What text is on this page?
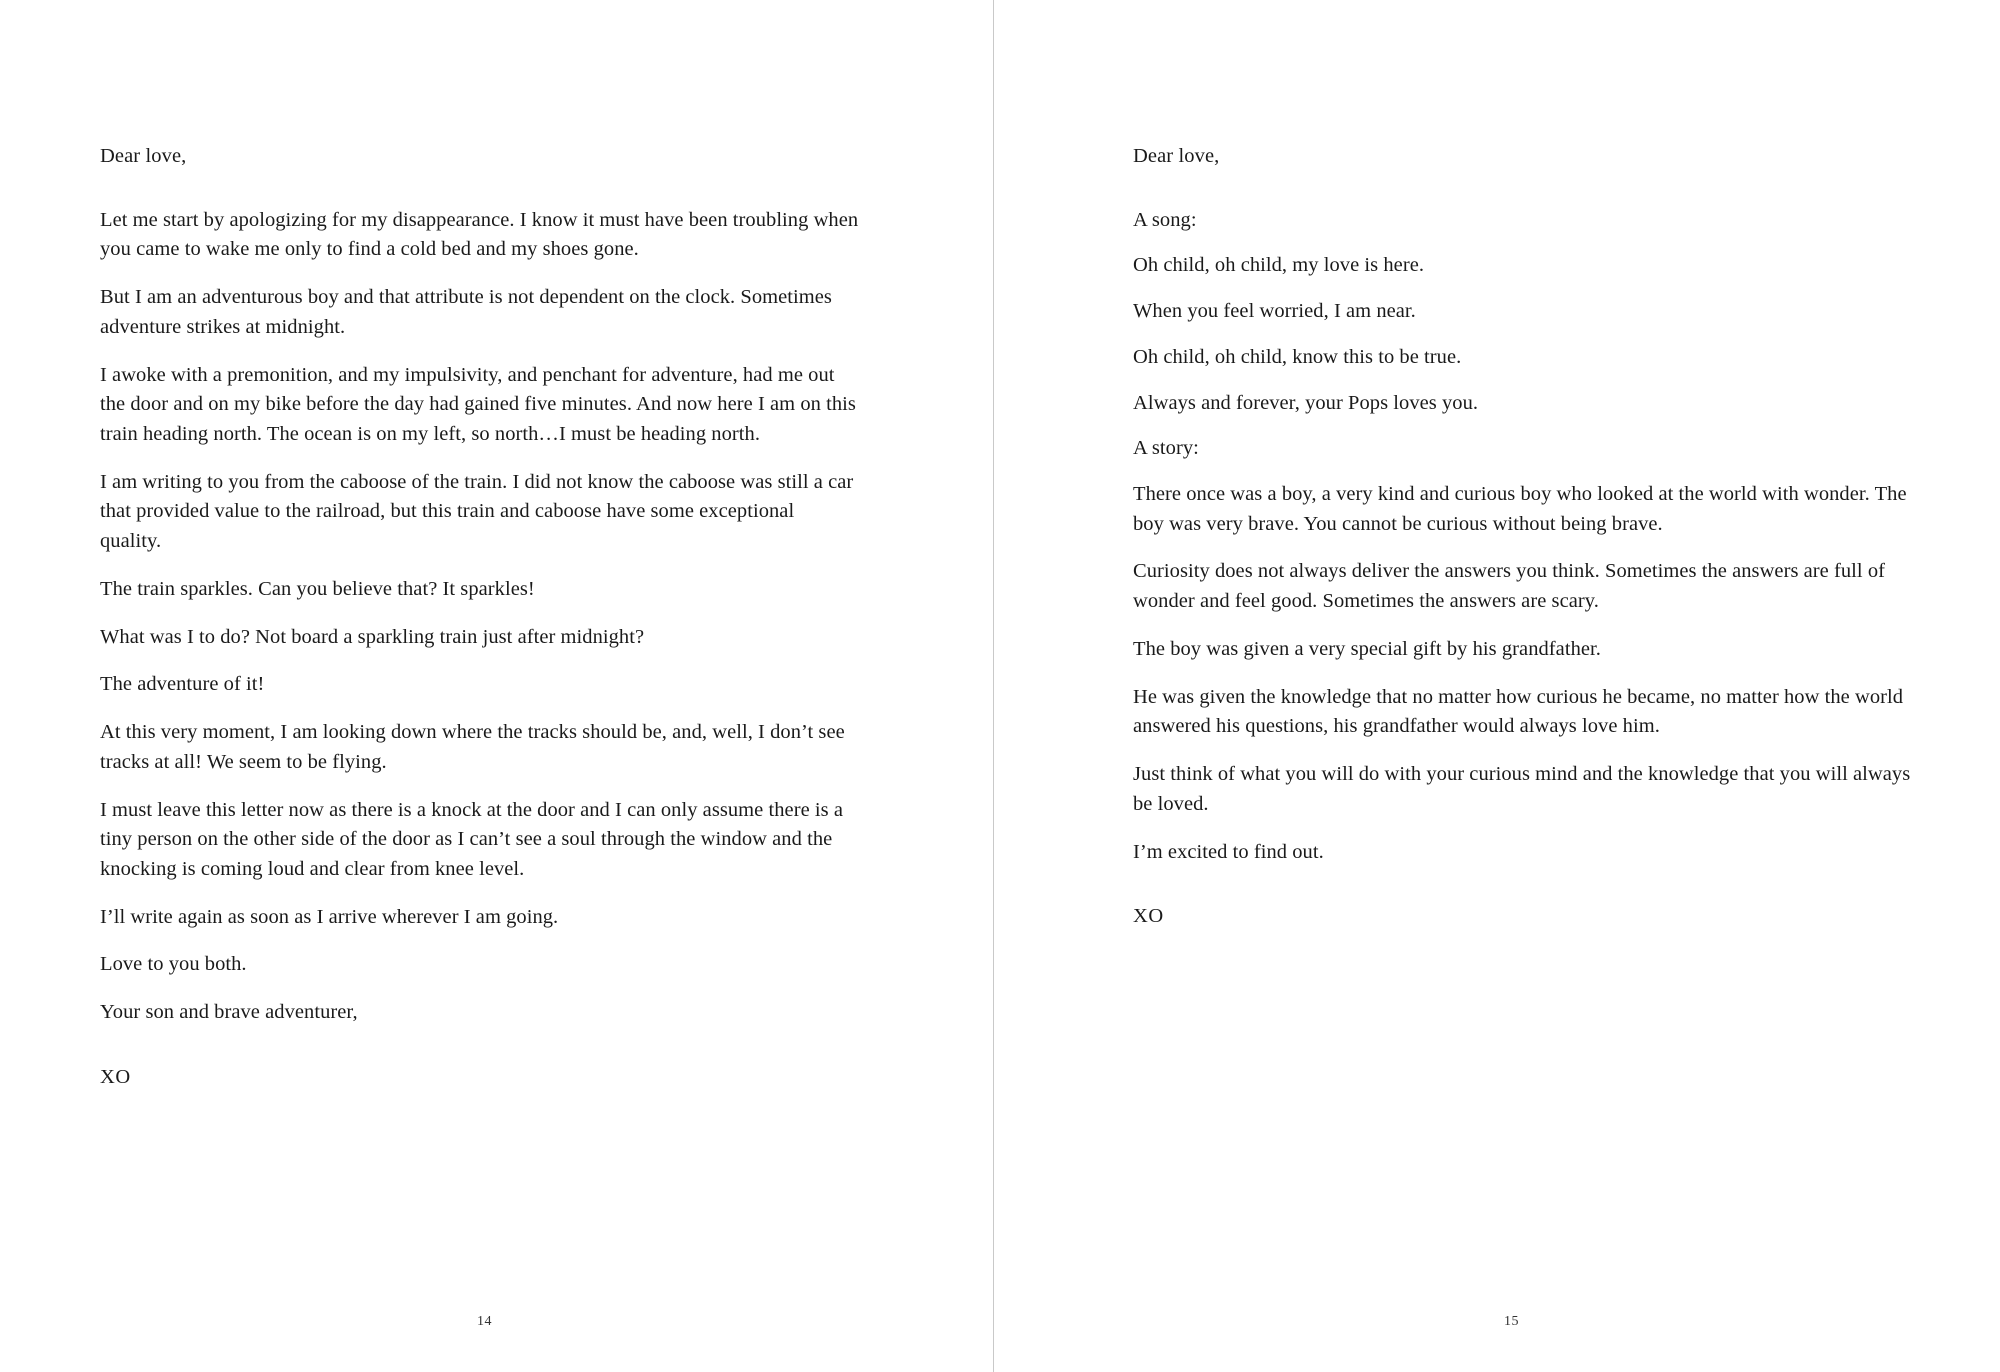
Dear love,

Let me start by apologizing for my disappearance. I know it must have been troubling when you came to wake me only to find a cold bed and my shoes gone.

But I am an adventurous boy and that attribute is not dependent on the clock. Sometimes adventure strikes at midnight.

I awoke with a premonition, and my impulsivity, and penchant for adventure, had me out the door and on my bike before the day had gained five minutes. And now here I am on this train heading north. The ocean is on my left, so north…I must be heading north.

I am writing to you from the caboose of the train. I did not know the caboose was still a car that provided value to the railroad, but this train and caboose have some exceptional quality.

The train sparkles. Can you believe that? It sparkles!

What was I to do? Not board a sparkling train just after midnight?

The adventure of it!

At this very moment, I am looking down where the tracks should be, and, well, I don’t see tracks at all! We seem to be flying.

I must leave this letter now as there is a knock at the door and I can only assume there is a tiny person on the other side of the door as I can’t see a soul through the window and the knocking is coming loud and clear from knee level.

I’ll write again as soon as I arrive wherever I am going.

Love to you both.

Your son and brave adventurer,

XO

14

Dear love,

A song:

Oh child, oh child, my love is here.

When you feel worried, I am near.

Oh child, oh child, know this to be true.

Always and forever, your Pops loves you.

A story:

There once was a boy, a very kind and curious boy who looked at the world with wonder. The boy was very brave. You cannot be curious without being brave.

Curiosity does not always deliver the answers you think. Sometimes the answers are full of wonder and feel good. Sometimes the answers are scary.

The boy was given a very special gift by his grandfather.

He was given the knowledge that no matter how curious he became, no matter how the world answered his questions, his grandfather would always love him.

Just think of what you will do with your curious mind and the knowledge that you will always be loved.

I’m excited to find out.

XO

15
